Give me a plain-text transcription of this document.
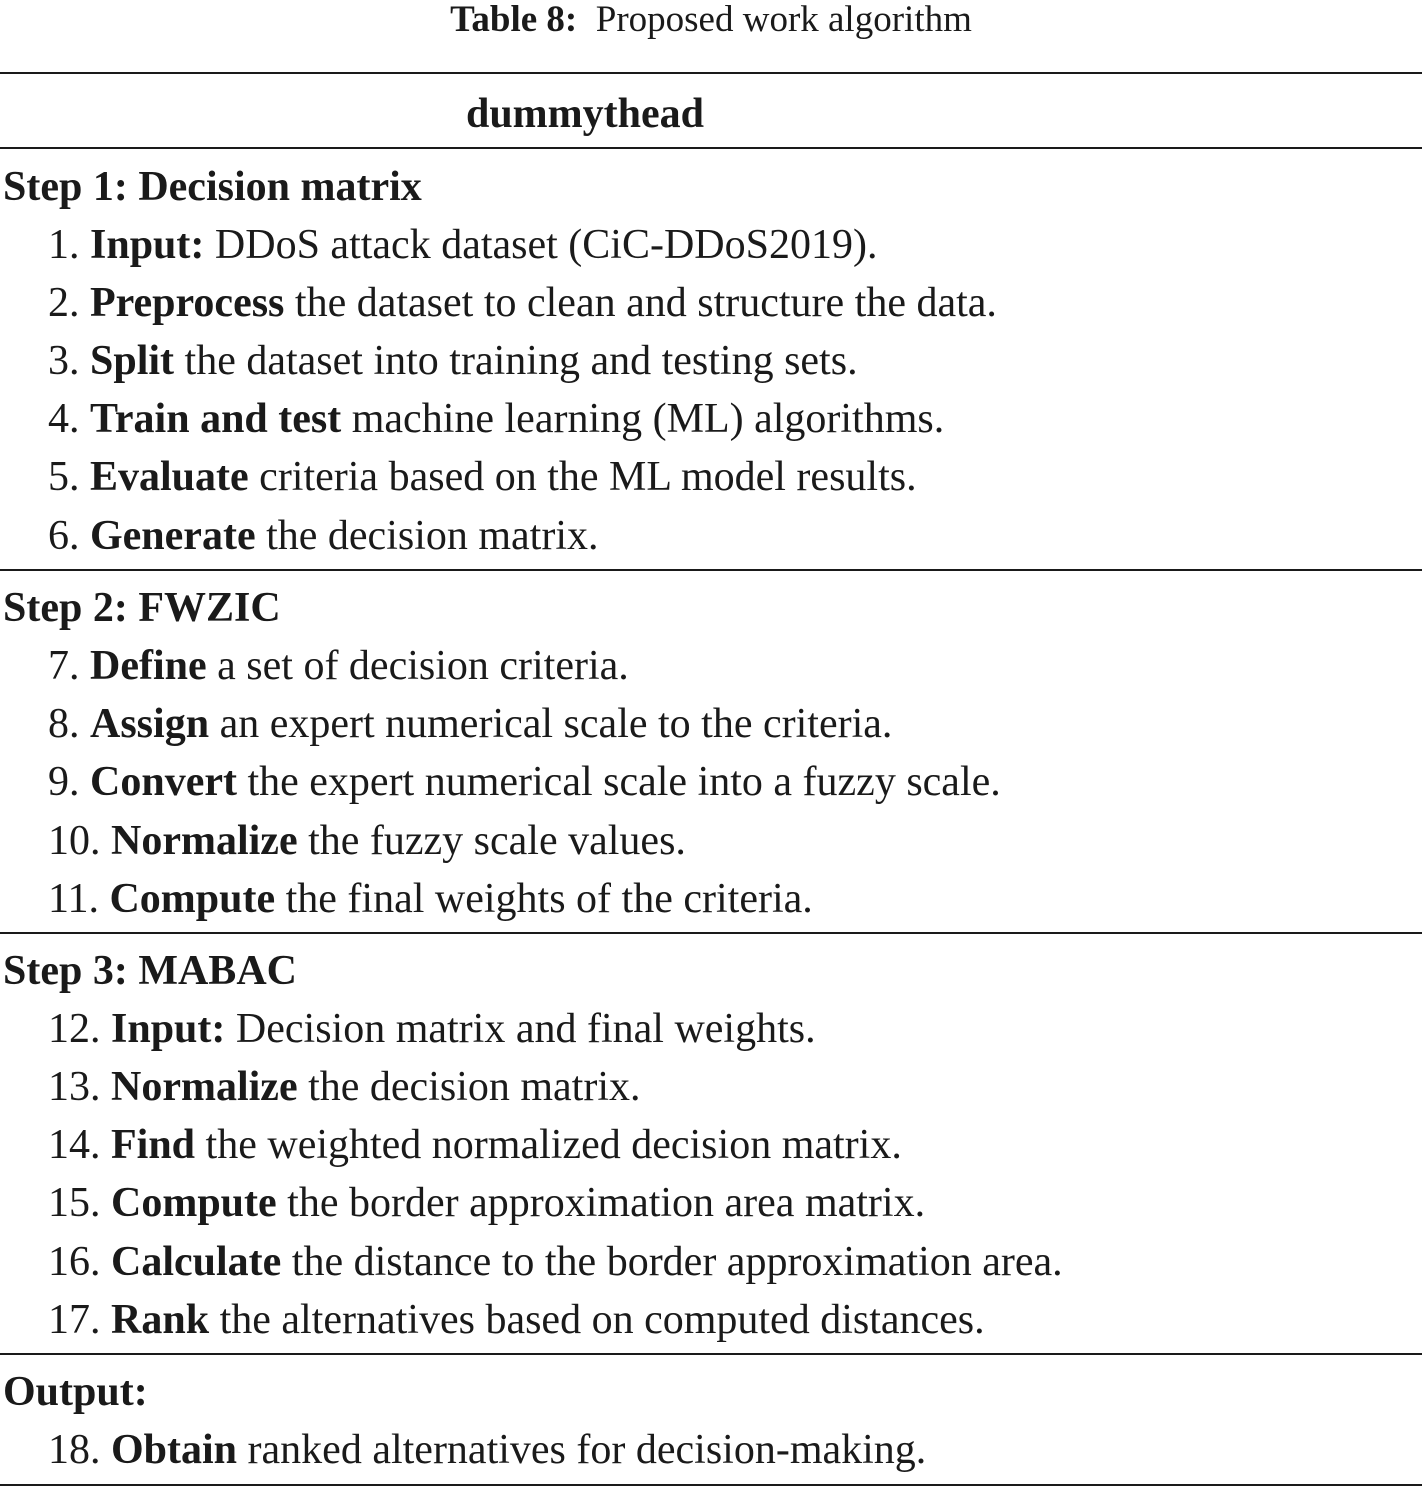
Table 8: Proposed work algorithm
dummythead
Step 1: Decision matrix
1. Input: DDoS attack dataset (CiC-DDoS2019).
2. Preprocess the dataset to clean and structure the data.
3. Split the dataset into training and testing sets.
4. Train and test machine learning (ML) algorithms.
5. Evaluate criteria based on the ML model results.
6. Generate the decision matrix.
Step 2: FWZIC
7. Define a set of decision criteria.
8. Assign an expert numerical scale to the criteria.
9. Convert the expert numerical scale into a fuzzy scale.
10. Normalize the fuzzy scale values.
11. Compute the final weights of the criteria.
Step 3: MABAC
12. Input: Decision matrix and final weights.
13. Normalize the decision matrix.
14. Find the weighted normalized decision matrix.
15. Compute the border approximation area matrix.
16. Calculate the distance to the border approximation area.
17. Rank the alternatives based on computed distances.
Output:
18. Obtain ranked alternatives for decision-making.
